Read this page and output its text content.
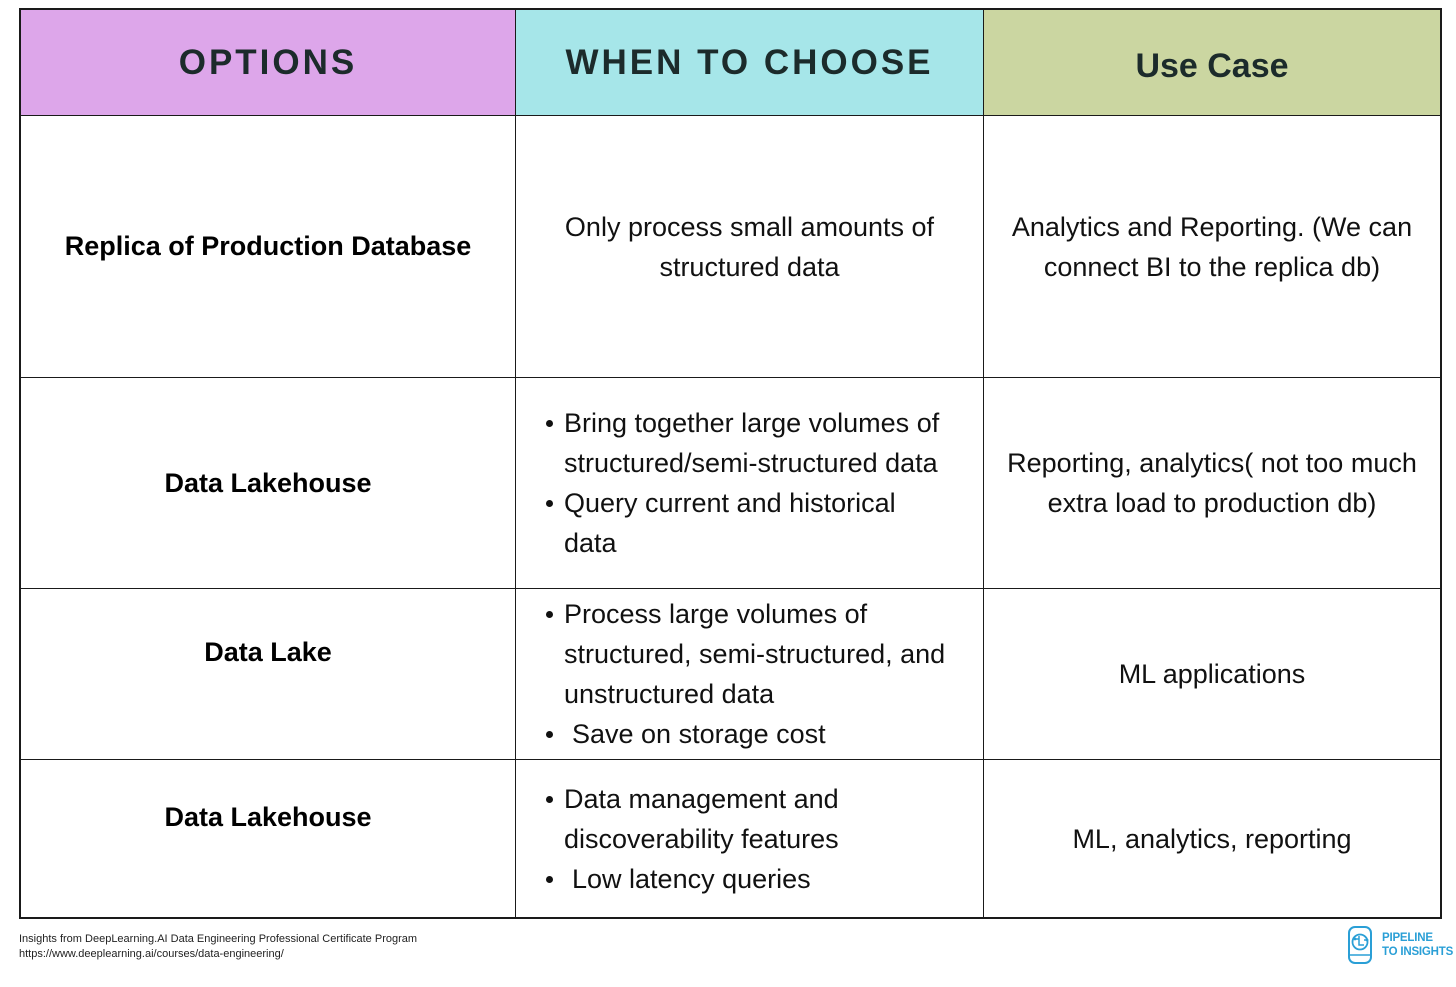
OPTIONS	WHEN TO CHOOSE	Use Case
Replica of Production Database
Only process small amounts of
structured data
Analytics and Reporting. (We can
connect BI to the replica db)
Data Lakehouse
Bring together large volumes of
structured/semi-structured data
Query current and historical
data
Reporting, analytics( not too much
extra load to production db)
Data Lake
Process large volumes of
structured, semi-structured, and
unstructured data
Save on storage cost
ML applications
Data Lakehouse
Data management and
discoverability features
Low latency queries
ML, analytics, reporting
Insights from DeepLearning.AI Data Engineering Professional Certificate Program
https://www.deeplearning.ai/courses/data-engineering/
PIPELINE
TO INSIGHTS
